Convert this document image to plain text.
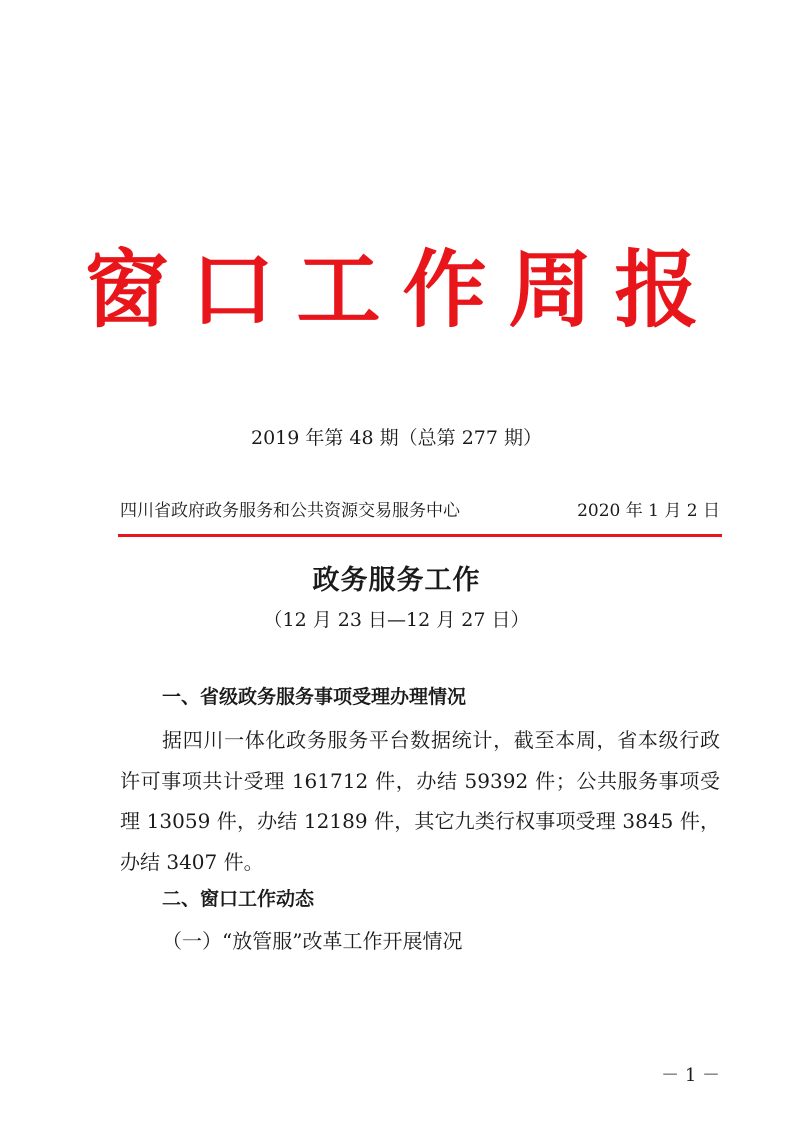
窗口工作周报
2019 年第 48 期（总第 277 期）
四川省政府政务服务和公共资源交易服务中心	2020 年 1 月 2 日
政务服务工作
（12 月 23 日—12 月 27 日）
一、省级政务服务事项受理办理情况

据四川一体化政务服务平台数据统计，截至本周，省本级行政许可事项共计受理 161712 件，办结 59392 件；公共服务事项受理 13059 件，办结 12189 件，其它九类行权事项受理 3845 件，办结 3407 件。

二、窗口工作动态
（一）“放管服”改革工作开展情况
－ 1 －
